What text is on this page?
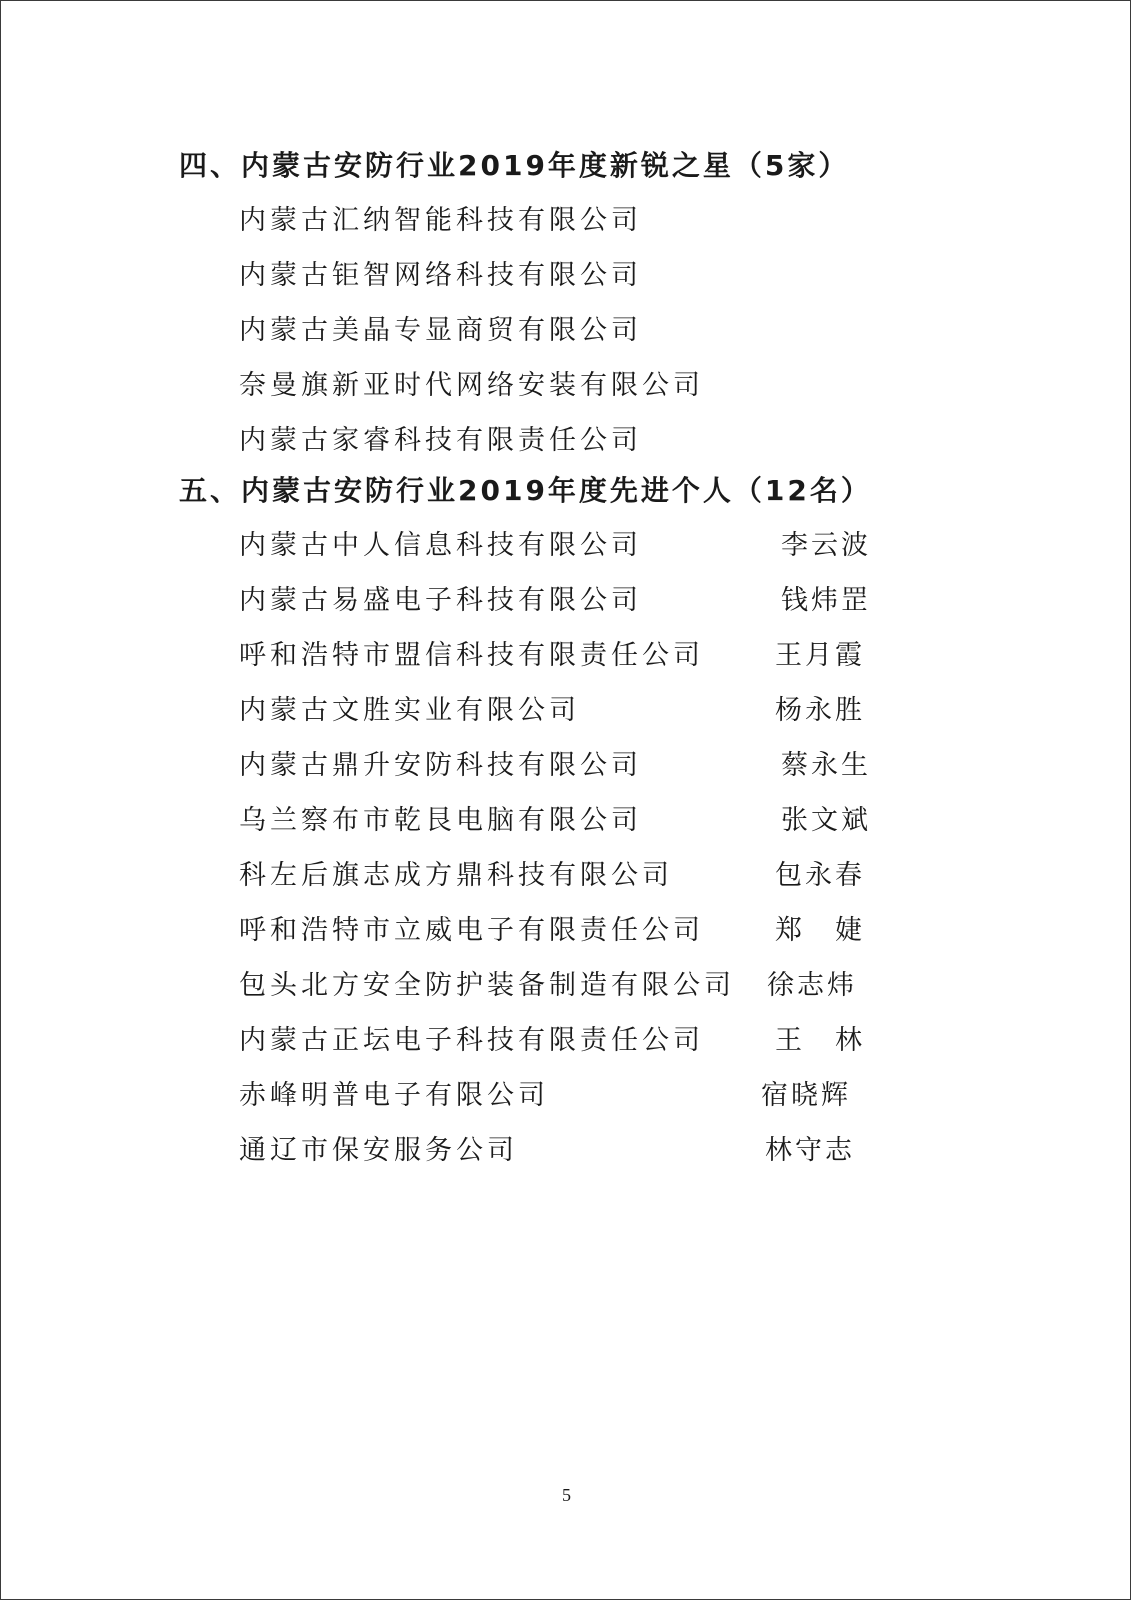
四、内蒙古安防行业2019年度新锐之星（5家）
内蒙古汇纳智能科技有限公司
内蒙古钜智网络科技有限公司
内蒙古美晶专显商贸有限公司
奈曼旗新亚时代网络安装有限公司
内蒙古家睿科技有限责任公司
五、内蒙古安防行业2019年度先进个人（12名）
内蒙古中人信息科技有限公司	李云波
内蒙古易盛电子科技有限公司	钱炜罡
呼和浩特市盟信科技有限责任公司	王月霞
内蒙古文胜实业有限公司	杨永胜
内蒙古鼎升安防科技有限公司	蔡永生
乌兰察布市乾艮电脑有限公司	张文斌
科左后旗志成方鼎科技有限公司	包永春
呼和浩特市立威电子有限责任公司	郑　婕
包头北方安全防护装备制造有限公司 徐志炜
内蒙古正坛电子科技有限责任公司	王　林
赤峰明普电子有限公司	宿晓辉
通辽市保安服务公司	林守志
5
